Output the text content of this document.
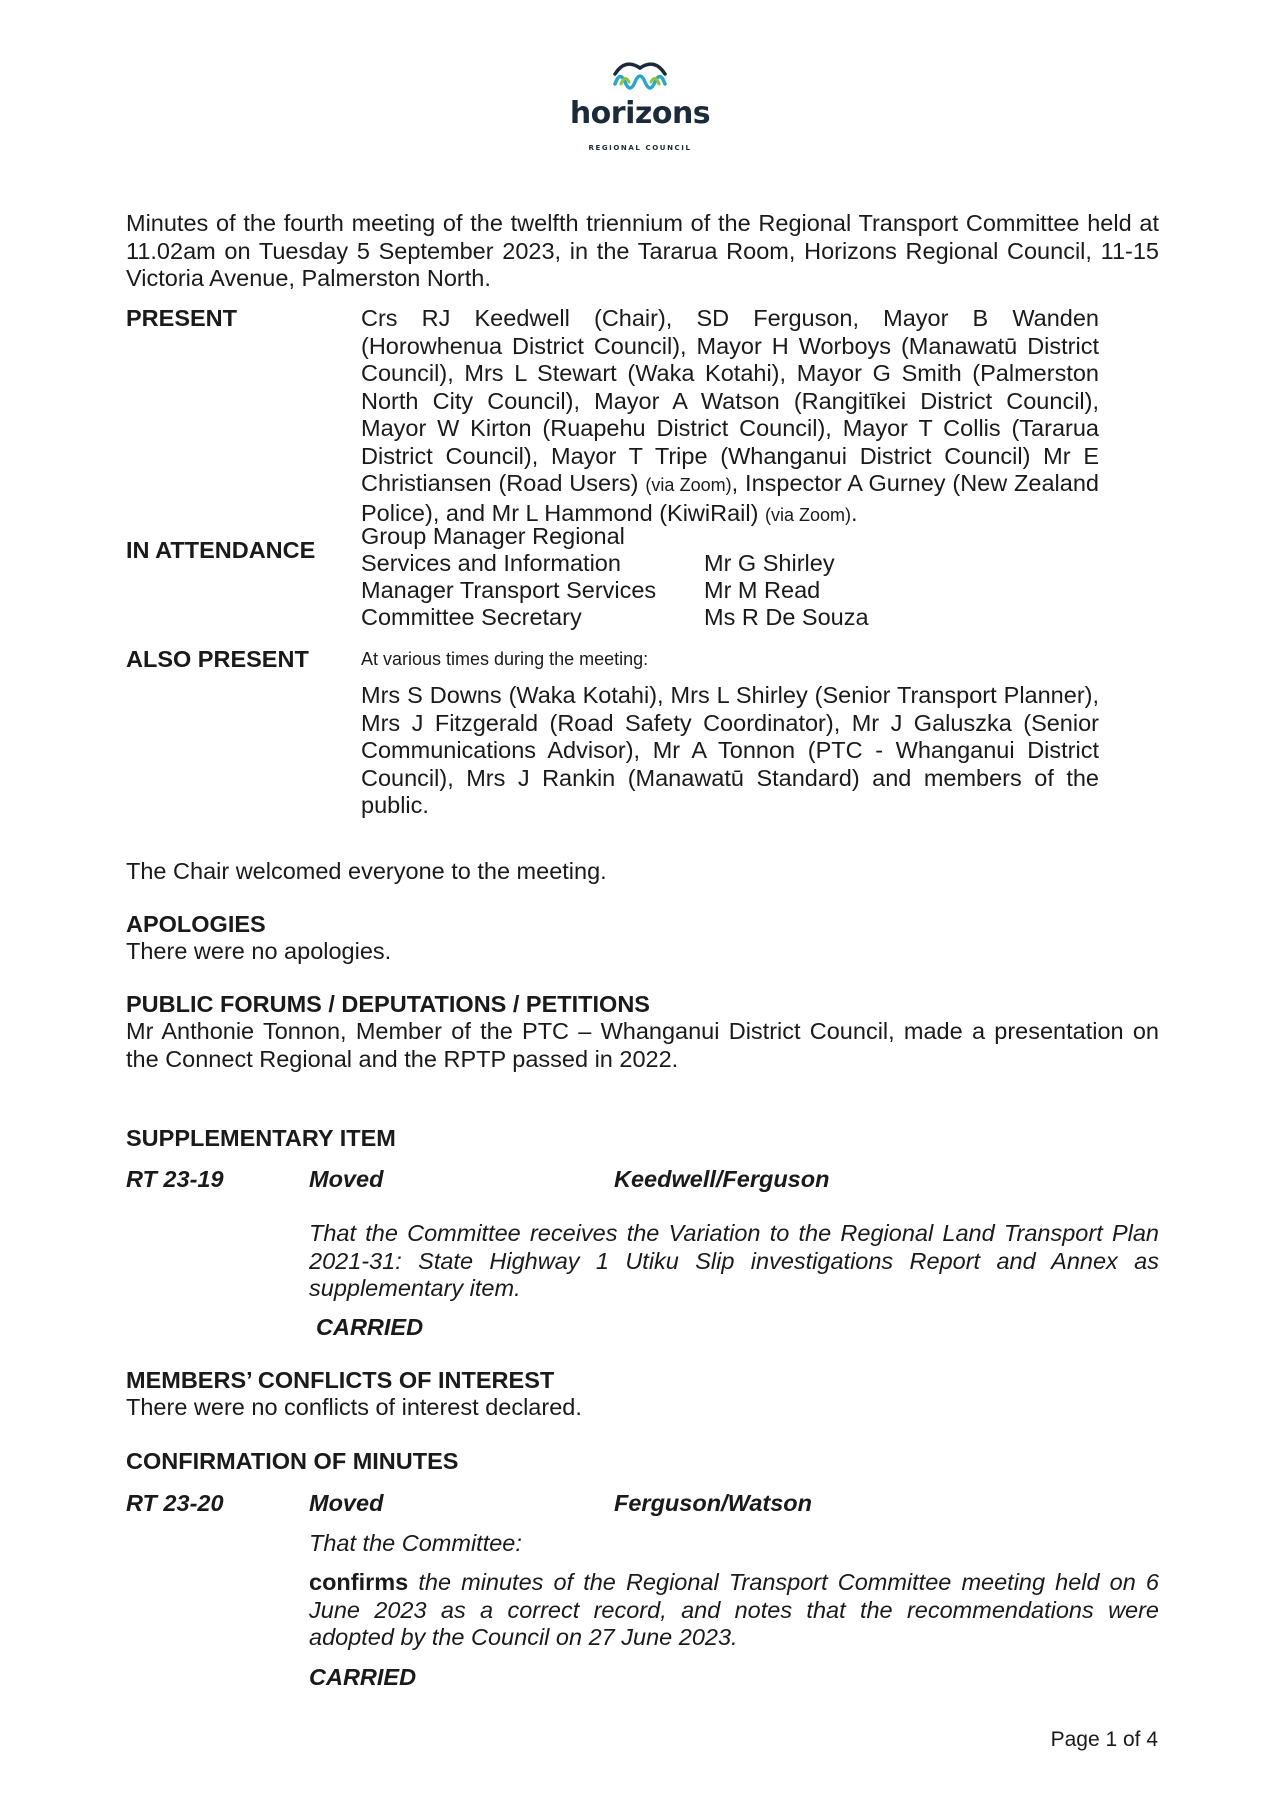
horizons
REGIONAL COUNCIL

Minutes of the fourth meeting of the twelfth triennium of the Regional Transport Committee held at 11.02am on Tuesday 5 September 2023, in the Tararua Room, Horizons Regional Council, 11-15 Victoria Avenue, Palmerston North.

PRESENT	Crs RJ Keedwell (Chair), SD Ferguson, Mayor B Wanden (Horowhenua District Council), Mayor H Worboys (Manawatū District Council), Mrs L Stewart (Waka Kotahi), Mayor G Smith (Palmerston North City Council), Mayor A Watson (Rangitīkei District Council), Mayor W Kirton (Ruapehu District Council), Mayor T Collis (Tararua District Council), Mayor T Tripe (Whanganui District Council) Mr E Christiansen (Road Users) (via Zoom), Inspector A Gurney (New Zealand Police), and Mr L Hammond (KiwiRail) (via Zoom).

IN ATTENDANCE
Group Manager Regional
Services and Information	Mr G Shirley
Manager Transport Services Mr M Read
Committee Secretary	Ms R De Souza
ALSO PRESENT	At various times during the meeting:

Mrs S Downs (Waka Kotahi), Mrs L Shirley (Senior Transport Planner), Mrs J Fitzgerald (Road Safety Coordinator), Mr J Galuszka (Senior Communications Advisor), Mr A Tonnon (PTC - Whanganui District Council), Mrs J Rankin (Manawatū Standard) and members of the public.

The Chair welcomed everyone to the meeting.

APOLOGIES

There were no apologies.

PUBLIC FORUMS / DEPUTATIONS / PETITIONS

Mr Anthonie Tonnon, Member of the PTC – Whanganui District Council, made a presentation on the Connect Regional and the RPTP passed in 2022.

SUPPLEMENTARY ITEM
RT 23-19	Moved	Keedwell/Ferguson

That the Committee receives the Variation to the Regional Land Transport Plan 2021-31: State Highway 1 Utiku Slip investigations Report and Annex as supplementary item.

CARRIED
MEMBERS’ CONFLICTS OF INTEREST

There were no conflicts of interest declared.

CONFIRMATION OF MINUTES
RT 23-20	Moved	Ferguson/Watson

That the Committee:

confirms the minutes of the Regional Transport Committee meeting held on 6 June 2023 as a correct record, and notes that the recommendations were adopted by the Council on 27 June 2023.

CARRIED
Page 1 of 4
